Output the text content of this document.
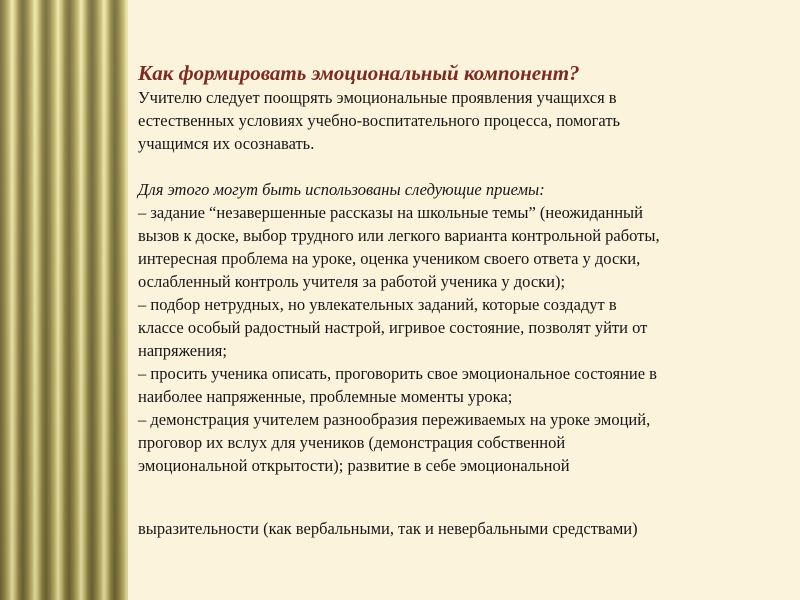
Как формировать эмоциональный компонент?

Учителю следует поощрять эмоциональные проявления учащихся в

естественных условиях учебно-воспитательного процесса, помогать

учащимся их осознавать.

Для этого могут быть использованы следующие приемы:

– задание “незавершенные рассказы на школьные темы” (неожиданный

вызов к доске, выбор трудного или легкого варианта контрольной работы,

интересная проблема на уроке, оценка учеником своего ответа у доски,

ослабленный контроль учителя за работой ученика у доски);

– подбор нетрудных, но увлекательных заданий, которые создадут в

классе особый радостный настрой, игривое состояние, позволят уйти от

напряжения;

– просить ученика описать, проговорить свое эмоциональное состояние в

наиболее напряженные, проблемные моменты урока;

– демонстрация учителем разнообразия переживаемых на уроке эмоций,

проговор их вслух для учеников (демонстрация собственной

эмоциональной открытости); развитие в себе эмоциональной

выразительности (как вербальными, так и невербальными средствами)
